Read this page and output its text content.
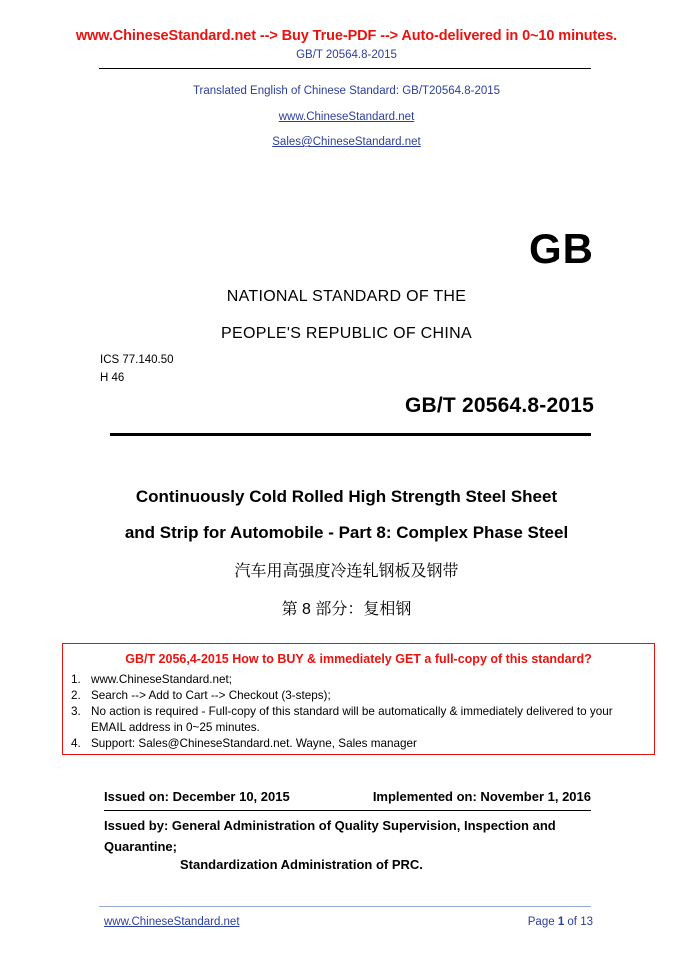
www.ChineseStandard.net --> Buy True-PDF --> Auto-delivered in 0~10 minutes.
GB/T 20564.8-2015
Translated English of Chinese Standard: GB/T20564.8-2015
www.ChineseStandard.net
Sales@ChineseStandard.net
GB
NATIONAL STANDARD OF THE
PEOPLE'S REPUBLIC OF CHINA
ICS 77.140.50
H 46
GB/T 20564.8-2015
Continuously Cold Rolled High Strength Steel Sheet
and Strip for Automobile - Part 8: Complex Phase Steel
汽车用高强度冷连轧钢板及钢带
第 8 部分：复相钢
GB/T 2056,4-2015 How to BUY & immediately GET a full-copy of this standard?
1. www.ChineseStandard.net;
2. Search --> Add to Cart --> Checkout (3-steps);
3. No action is required - Full-copy of this standard will be automatically & immediately delivered to your EMAIL address in 0~25 minutes.
4. Support: Sales@ChineseStandard.net. Wayne, Sales manager
Issued on: December 10, 2015	Implemented on: November 1, 2016
Issued by: General Administration of Quality Supervision, Inspection and Quarantine;
Standardization Administration of PRC.
www.ChineseStandard.net	Page 1 of 13
